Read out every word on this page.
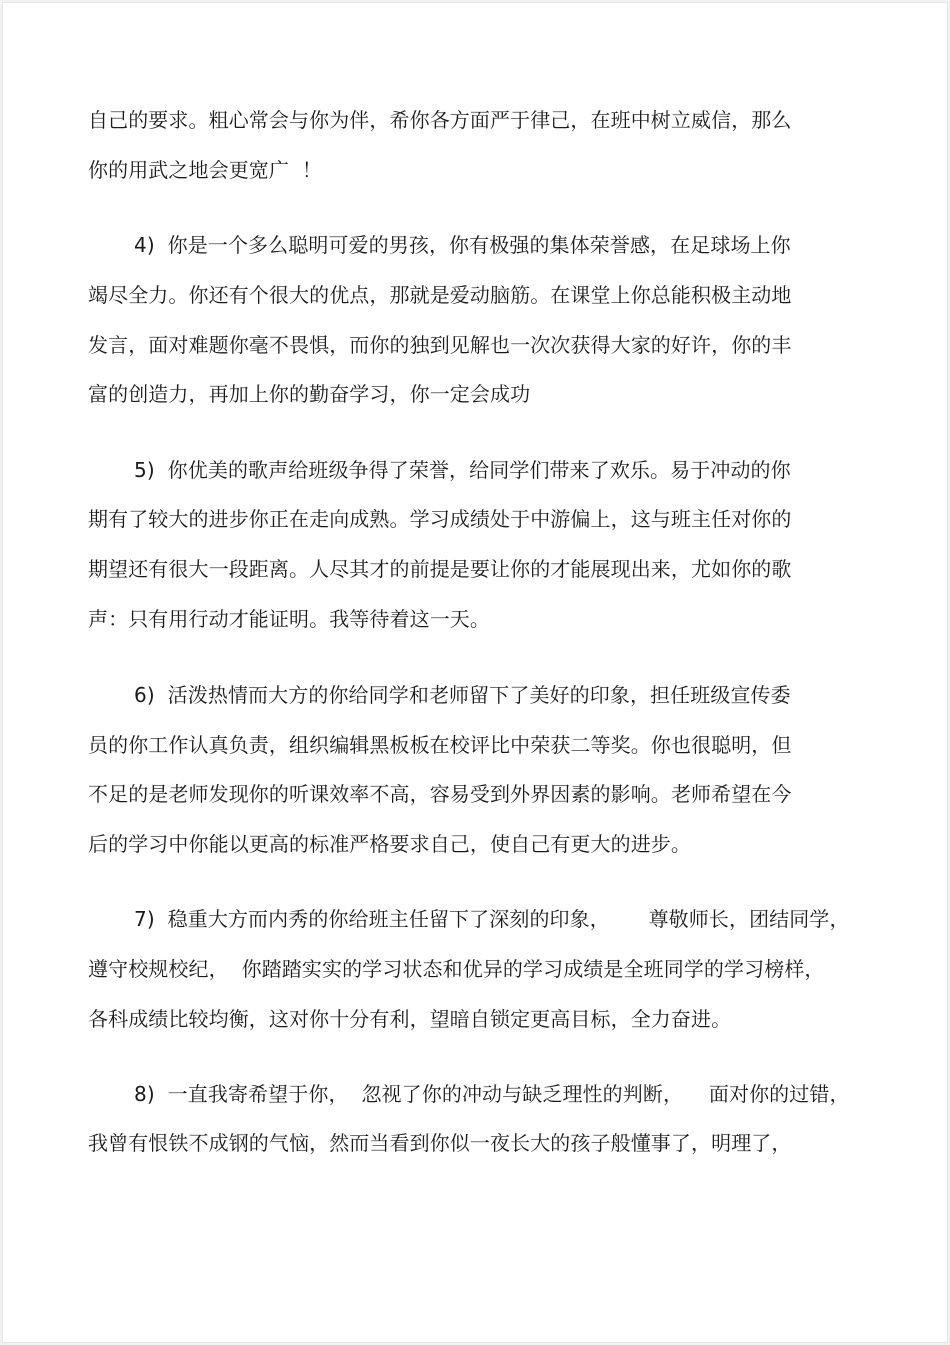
自己的要求。粗心常会与你为伴，希你各方面严于律己，在班中树立威信，那么
你的用武之地会更宽广  ！
4)  你是一个多么聪明可爱的男孩，你有极强的集体荣誉感，在足球场上你
竭尽全力。你还有个很大的优点，那就是爱动脑筋。在课堂上你总能积极主动地
发言，面对难题你毫不畏惧，而你的独到见解也一次次获得大家的好许，你的丰
富的创造力，再加上你的勤奋学习，你一定会成功
5)  你优美的歌声给班级争得了荣誉，给同学们带来了欢乐。易于冲动的你
期有了较大的进步你正在走向成熟。学习成绩处于中游偏上，这与班主任对你的
期望还有很大一段距离。人尽其才的前提是要让你的才能展现出来，尤如你的歌
声：只有用行动才能证明。我等待着这一天。
6)  活泼热情而大方的你给同学和老师留下了美好的印象，担任班级宣传委
员的你工作认真负责，组织编辑黑板板在校评比中荣获二等奖。你也很聪明，但
不足的是老师发现你的听课效率不高，容易受到外界因素的影响。老师希望在今
后的学习中你能以更高的标准严格要求自己，使自己有更大的进步。
7)  稳重大方而内秀的你给班主任留下了深刻的印象，      尊敬师长，团结同学，
遵守校规校纪，  你踏踏实实的学习状态和优异的学习成绩是全班同学的学习榜样，
各科成绩比较均衡，这对你十分有利，望暗自锁定更高目标，全力奋进。
8)  一直我寄希望于你，  忽视了你的冲动与缺乏理性的判断，    面对你的过错，
我曾有恨铁不成钢的气恼，然而当看到你似一夜长大的孩子般懂事了，明理了，
